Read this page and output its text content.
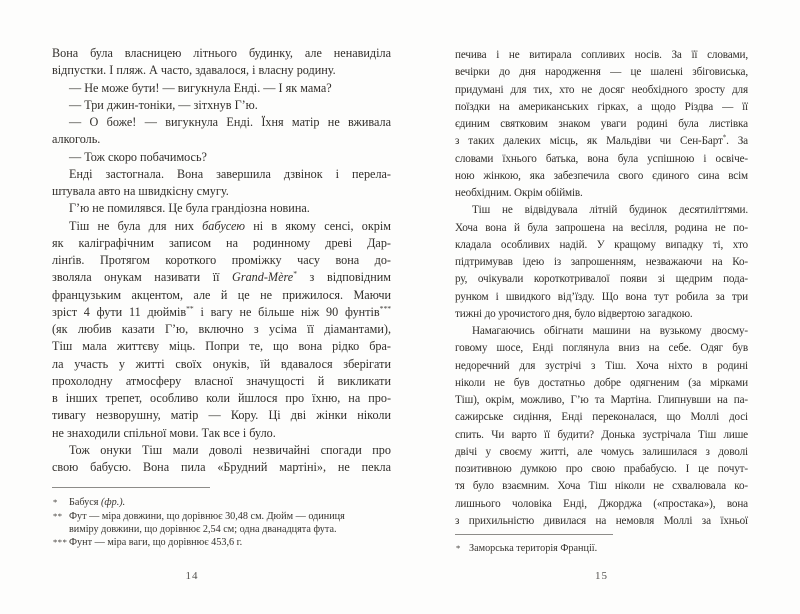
Вона була власницею літнього будинку, але ненавиділа
відпустки. І пляж. А часто, здавалося, і власну родину.
— Не може бути! — вигукнула Енді. — І як мама?
— Три джин-тоніки, — зітхнув Г’ю.
— О боже! — вигукнула Енді. Їхня матір не вживала
алкоголь.
— Тож скоро побачимось?
Енді застогнала. Вона завершила дзвінок і перела-
штувала авто на швидкісну смугу.
Г’ю не помилявся. Це була грандіозна новина.
Тіш не була для них бабусею ні в якому сенсі, окрім
як каліграфічним записом на родинному древі Дар-
лінґів. Протягом короткого проміжку часу вона до-
зволяла онукам називати її Grand-Mère* з відповідним
французьким акцентом, але й це не прижилося. Маючи
зріст 4 фути 11 дюймів** і вагу не більше ніж 90 фунтів***
(як любив казати Г’ю, включно з усіма її діамантами),
Тіш мала життєву міць. Попри те, що вона рідко бра-
ла участь у житті своїх онуків, їй вдавалося зберігати
прохолодну атмосферу власної значущості й викликати
в інших трепет, особливо коли йшлося про їхню, на про-
тивагу незворушну, матір — Кору. Ці дві жінки ніколи
не знаходили спільної мови. Так все і було.
Тож онуки Тіш мали доволі незвичайні спогади про
свою бабусю. Вона пила «Брудний мартіні», не пекла
* Бабуся (фр.).
** Фут — міра довжини, що дорівнює 30,48 см. Дюйм — одиниця
виміру довжини, що дорівнює 2,54 см; одна дванадцята фута.
*** Фунт — міра ваги, що дорівнює 453,6 г.
печива і не витирала сопливих носів. За її словами,
вечірки до дня народження — це шалені збіговиська,
придумані для тих, хто не досяг необхідного зросту для
поїздки на американських гірках, а щодо Різдва — її
єдиним святковим знаком уваги родині була листівка
з таких далеких місць, як Мальдіви чи Сен-Барт*. За
словами їхнього батька, вона була успішною і освіче-
ною жінкою, яка забезпечила свого єдиного сина всім
необхідним. Окрім обіймів.
Тіш не відвідувала літній будинок десятиліттями.
Хоча вона й була запрошена на весілля, родина не по-
кладала особливих надій. У кращому випадку ті, хто
підтримував ідею із запрошенням, незважаючи на Ко-
ру, очікували короткотривалої появи зі щедрим пода-
рунком і швидкого від’їзду. Що вона тут робила за три
тижні до урочистого дня, було відвертою загадкою.
Намагаючись обігнати машини на вузькому двосму-
говому шосе, Енді поглянула вниз на себе. Одяг був
недоречний для зустрічі з Тіш. Хоча ніхто в родині
ніколи не був достатньо добре одягненим (за мірками
Тіш), окрім, можливо, Г’ю та Мартіна. Глипнувши на па-
сажирське сидіння, Енді переконалася, що Моллі досі
спить. Чи варто її будити? Донька зустрічала Тіш лише
двічі у своєму житті, але чомусь залишилася з доволі
позитивною думкою про свою прабабусю. І це почут-
тя було взаємним. Хоча Тіш ніколи не схвалювала ко-
лишнього чоловіка Енді, Джорджа («простака»), вона
з прихильністю дивилася на немовля Моллі за їхньої
* Заморська територія Франції.
14	15
